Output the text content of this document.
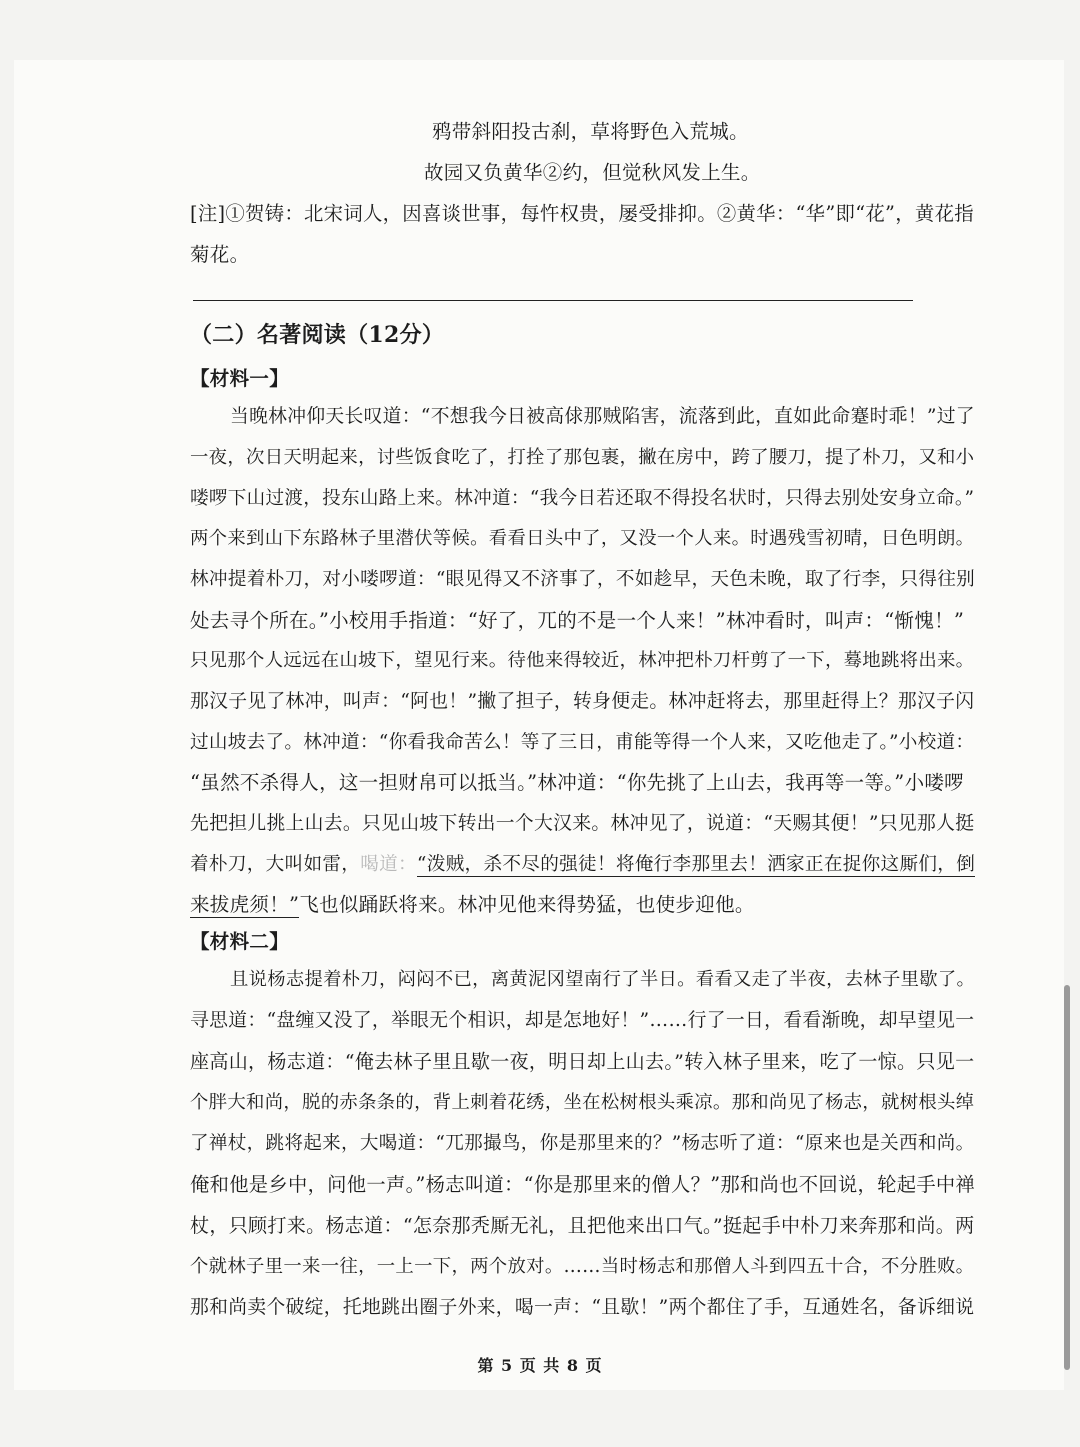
鸦带斜阳投古刹，草将野色入荒城。
故园又负黄华②约，但觉秋风发上生。
[注]①贺铸：北宋词人，因喜谈世事，每忤权贵，屡受排抑。②黄华：“华”即“花”，黄花指
菊花。
（二）名著阅读（12分）
【材料一】
当晚林冲仰天长叹道：“不想我今日被高俅那贼陷害，流落到此，直如此命蹇时乖！”过了
一夜，次日天明起来，讨些饭食吃了，打拴了那包裹，撇在房中，跨了腰刀，提了朴刀，又和小
喽啰下山过渡，投东山路上来。林冲道：“我今日若还取不得投名状时，只得去别处安身立命。”
两个来到山下东路林子里潜伏等候。看看日头中了，又没一个人来。时遇残雪初晴，日色明朗。
林冲提着朴刀，对小喽啰道：“眼见得又不济事了，不如趁早，天色未晚，取了行李，只得往别
处去寻个所在。”小校用手指道：“好了，兀的不是一个人来！”林冲看时，叫声：“惭愧！”
只见那个人远远在山坡下，望见行来。待他来得较近，林冲把朴刀杆剪了一下，蓦地跳将出来。
那汉子见了林冲，叫声：“阿也！”撇了担子，转身便走。林冲赶将去，那里赶得上？那汉子闪
过山坡去了。林冲道：“你看我命苦么！等了三日，甫能等得一个人来，又吃他走了。”小校道：
“虽然不杀得人，这一担财帛可以抵当。”林冲道：“你先挑了上山去，我再等一等。”小喽啰
先把担儿挑上山去。只见山坡下转出一个大汉来。林冲见了，说道：“天赐其便！”只见那人挺
着朴刀，大叫如雷，喝道：“泼贼，杀不尽的强徒！将俺行李那里去！洒家正在捉你这厮们，倒
来拔虎须！”飞也似踊跃将来。林冲见他来得势猛，也使步迎他。
【材料二】
且说杨志提着朴刀，闷闷不已，离黄泥冈望南行了半日。看看又走了半夜，去林子里歇了。
寻思道：“盘缠又没了，举眼无个相识，却是怎地好！”……行了一日，看看渐晚，却早望见一
座高山，杨志道：“俺去林子里且歇一夜，明日却上山去。”转入林子里来，吃了一惊。只见一
个胖大和尚，脱的赤条条的，背上刺着花绣，坐在松树根头乘凉。那和尚见了杨志，就树根头绰
了禅杖，跳将起来，大喝道：“兀那撮鸟，你是那里来的？”杨志听了道：“原来也是关西和尚。
俺和他是乡中，问他一声。”杨志叫道：“你是那里来的僧人？”那和尚也不回说，轮起手中禅
杖，只顾打来。杨志道：“怎奈那秃厮无礼，且把他来出口气。”挺起手中朴刀来奔那和尚。两
个就林子里一来一往，一上一下，两个放对。……当时杨志和那僧人斗到四五十合，不分胜败。
那和尚卖个破绽，托地跳出圈子外来，喝一声：“且歇！”两个都住了手，互通姓名，备诉细说
第 5 页 共 8 页
